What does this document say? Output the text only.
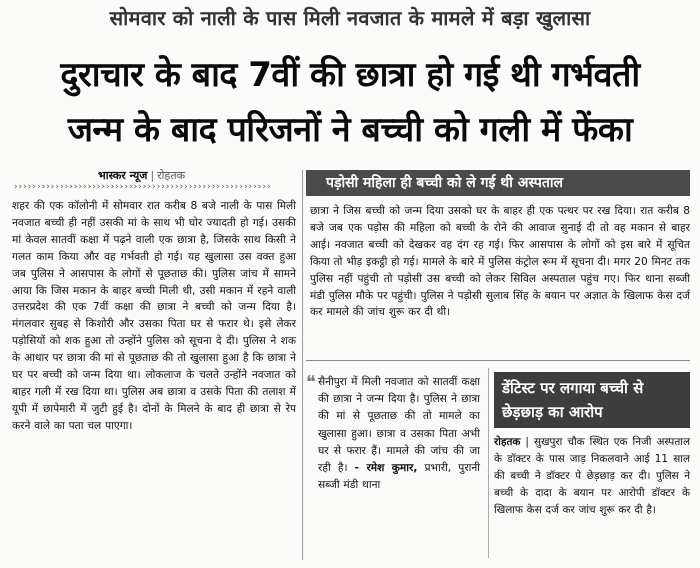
सोमवार को नाली के पास मिली नवजात के मामले में बड़ा खुलासा
दुराचार के बाद 7वीं की छात्रा हो गई थी गर्भवती
जन्म के बाद परिजनों ने बच्ची को गली में फेंका
भास्कर न्यूज | रोहतक
››››››››››››››››››››››››››››››››››››››››››››››››››››››››
शहर की एक कॉलोनी में सोमवार रात करीब 8 बजे नाली के पास मिली नवजात बच्ची ही नहीं उसकी मां के साथ भी घोर ज्यादती हो गई। उसकी मां केवल सातवीं कक्षा में पढ़ने वाली एक छात्रा है, जिसके साथ किसी ने गलत काम किया और वह गर्भवती हो गई। यह खुलासा उस वक्त हुआ जब पुलिस ने आसपास के लोगों से पूछताछ की। पुलिस जांच में सामने आया कि जिस मकान के बाहर बच्ची मिली थी, उसी मकान में रहने वाली उत्तरप्रदेश की एक 7वीं कक्षा की छात्रा ने बच्ची को जन्म दिया है। मंगलवार सुबह से किशोरी और उसका पिता घर से फरार थे। इसे लेकर पड़ोसियों को शक हुआ तो उन्होंने पुलिस को सूचना दे दी। पुलिस ने शक के आधार पर छात्रा की मां से पूछताछ की तो खुलासा हुआ है कि छात्रा ने घर पर बच्ची को जन्म दिया था। लोकलाज के चलते उन्होंने नवजात को बाहर गली में रख दिया था। पुलिस अब छात्रा व उसके पिता की तलाश में यूपी में छापेमारी में जुटी हुई है। दोनों के मिलने के बाद ही छात्रा से रेप करने वाले का पता चल पाएगा।
पड़ोसी महिला ही बच्ची को ले गई थी अस्पताल
छात्रा ने जिस बच्ची को जन्म दिया उसको घर के बाहर ही एक पत्थर पर रख दिया। रात करीब 8 बजे जब एक पड़ोस की महिला को बच्ची के रोने की आवाज सुनाई दी तो वह मकान से बाहर आई। नवजात बच्ची को देखकर वह दंग रह गई। फिर आसपास के लोगों को इस बारे में सूचित किया तो भीड़ इकट्ठी हो गई। मामले के बारे में पुलिस कंट्रोल रूम में सूचना दी। मगर 20 मिनट तक पुलिस नहीं पहुंची तो पड़ोसी उस बच्ची को लेकर सिविल अस्पताल पहुंच गए। फिर थाना सब्जी मंडी पुलिस मौके पर पहुंची। पुलिस ने पड़ोसी सुलाब सिंह के बयान पर अज्ञात के खिलाफ केस दर्ज कर मामले की जांच शुरू कर दी थी।
❝ सैनीपुरा में मिली नवजात को सातवीं कक्षा की छात्रा ने जन्म दिया है। पुलिस ने छात्रा की मां से पूछताछ की तो मामले का खुलासा हुआ। छात्रा व उसका पिता अभी घर से फरार हैं। मामले की जांच की जा रही है। - रमेश कुमार, प्रभारी, पुरानी सब्जी मंडी थाना
डेंटिस्ट पर लगाया बच्ची से छेड़छाड़ का आरोप
रोहतक | सुखपुरा चौक स्थित एक निजी अस्पताल के डॉक्टर के पास जाड़ निकलवाने आई 11 साल की बच्ची ने डॉक्टर पे छेड़छाड़ कर दी। पुलिस ने बच्ची के दादा के बयान पर आरोपी डॉक्टर के खिलाफ केस दर्ज कर जांच शुरू कर दी है।
